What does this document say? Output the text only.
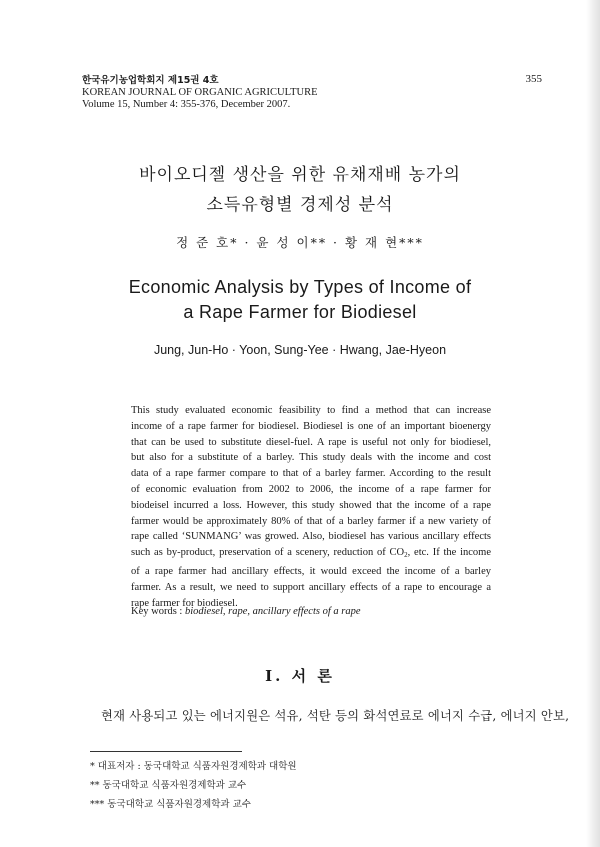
한국유기농업학회지 제15권 4호
KOREAN JOURNAL OF ORGANIC AGRICULTURE
Volume 15, Number 4: 355-376, December 2007.
355
바이오디젤 생산을 위한 유채재배 농가의
소득유형별 경제성 분석
정 준 호* · 윤 성 이** · 황 재 현***
Economic Analysis by Types of Income of
a Rape Farmer for Biodiesel
Jung, Jun-Ho · Yoon, Sung-Yee · Hwang, Jae-Hyeon
This study evaluated economic feasibility to find a method that can increase
income of a rape farmer for biodiesel. Biodiesel is one of an important bioenergy
that can be used to substitute diesel-fuel. A rape is useful not only for biodiesel,
but also for a substitute of a barley. This study deals with the income and cost
data of a rape farmer compare to that of a barley farmer. According to the result
of economic evaluation from 2002 to 2006, the income of a rape farmer for
biodeisel incurred a loss. However, this study showed that the income of a rape
farmer would be approximately 80% of that of a barley farmer if a new variety of
rape called ‘SUNMANG’ was growed. Also, biodiesel has various ancillary effects
such as by-product, preservation of a scenery, reduction of $CO_2$, etc. If the income
of a rape farmer had ancillary effects, it would exceed the income of a barley
farmer. As a result, we need to support ancillary effects of a rape to encourage a
rape farmer for biodiesel.
Key words : biodiesel, rape, ancillary effects of a rape
I. 서 론
현재 사용되고 있는 에너지원은 석유, 석탄 등의 화석연료로 에너지 수급, 에너지 안보,
* 대표저자 : 동국대학교 식품자원경제학과 대학원
** 동국대학교 식품자원경제학과 교수
*** 동국대학교 식품자원경제학과 교수
